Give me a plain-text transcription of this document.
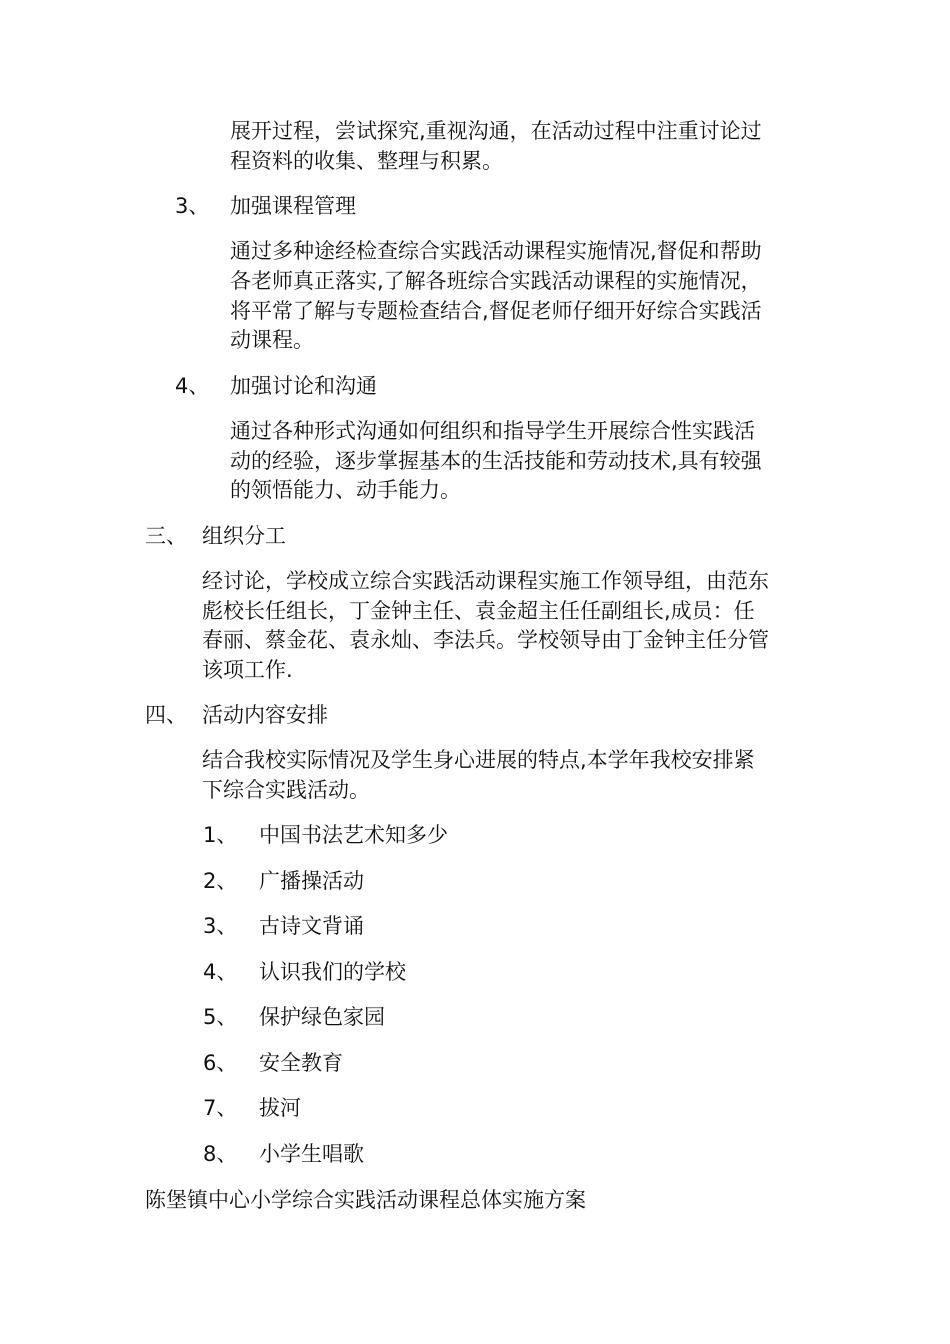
展开过程，尝试探究,重视沟通，在活动过程中注重讨论过
程资料的收集、整理与积累。
3、 加强课程管理
通过多种途经检查综合实践活动课程实施情况,督促和帮助
各老师真正落实,了解各班综合实践活动课程的实施情况，
将平常了解与专题检查结合,督促老师仔细开好综合实践活
动课程。
4、 加强讨论和沟通
通过各种形式沟通如何组织和指导学生开展综合性实践活
动的经验，逐步掌握基本的生活技能和劳动技术,具有较强
的领悟能力、动手能力。
三、 组织分工
经讨论，学校成立综合实践活动课程实施工作领导组，由范东
彪校长任组长，丁金钟主任、袁金超主任任副组长,成员：任
春丽、蔡金花、袁永灿、李法兵。学校领导由丁金钟主任分管
该项工作.
四、 活动内容安排
结合我校实际情况及学生身心进展的特点,本学年我校安排紧
下综合实践活动。
1、 中国书法艺术知多少
2、 广播操活动
3、 古诗文背诵
4、 认识我们的学校
5、 保护绿色家园
6、 安全教育
7、 拔河
8、 小学生唱歌
陈堡镇中心小学综合实践活动课程总体实施方案
